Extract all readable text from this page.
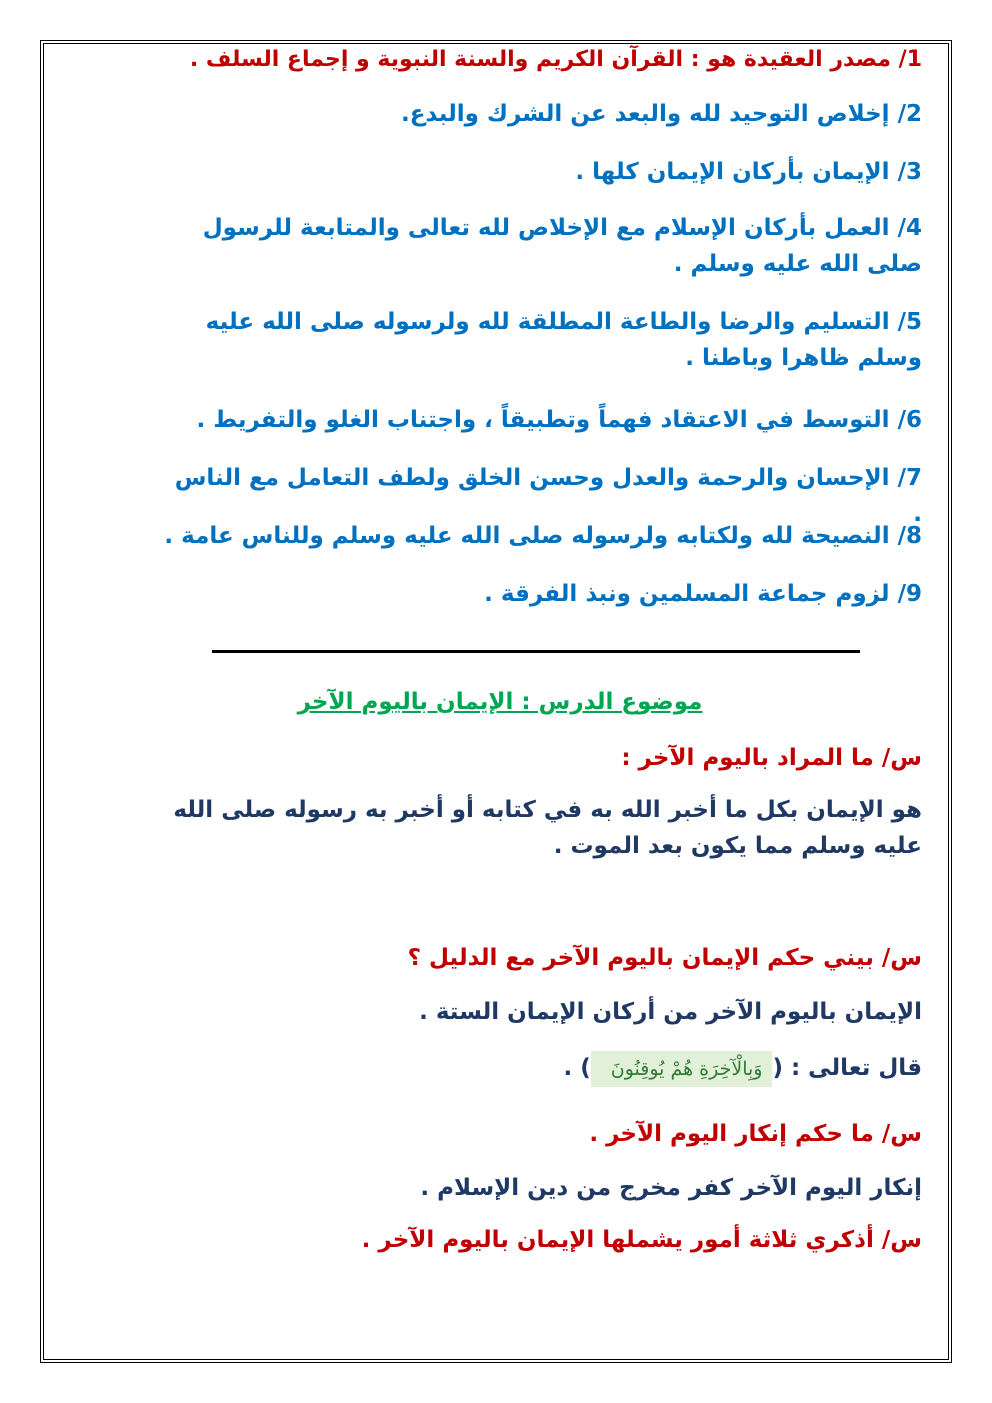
1/ مصدر العقيدة هو : القرآن الكريم والسنة النبوية و إجماع السلف .
2/ إخلاص التوحيد لله والبعد عن الشرك والبدع.
3/ الإيمان بأركان الإيمان كلها .
4/ العمل بأركان الإسلام مع الإخلاص لله تعالى والمتابعة للرسول صلى الله عليه وسلم .
5/ التسليم والرضا والطاعة المطلقة لله ولرسوله صلى الله عليه وسلم ظاهرا وباطنا .
6/ التوسط في الاعتقاد فهماً وتطبيقاً ، واجتناب الغلو والتفريط .
7/ الإحسان والرحمة والعدل وحسن الخلق ولطف التعامل مع الناس .
8/ النصيحة لله ولكتابه ولرسوله صلى الله عليه وسلم وللناس عامة .
9/ لزوم جماعة المسلمين ونبذ الفرقة .
موضوع الدرس : الإيمان باليوم الآخر
س/ ما المراد باليوم الآخر :
هو الإيمان بكل ما أخبر الله به في كتابه أو أخبر به رسوله صلى الله عليه وسلم مما يكون بعد الموت .
س/ بيني حكم الإيمان باليوم الآخر مع الدليل ؟
الإيمان باليوم الآخر من أركان الإيمان الستة .
قال تعالى : (وَبِالْآخِرَةِ هُمْ يُوقِنُونَ) .
س/ ما حكم إنكار اليوم الآخر .
إنكار اليوم الآخر كفر مخرج من دين الإسلام .
س/ أذكري ثلاثة أمور يشملها الإيمان باليوم الآخر .
